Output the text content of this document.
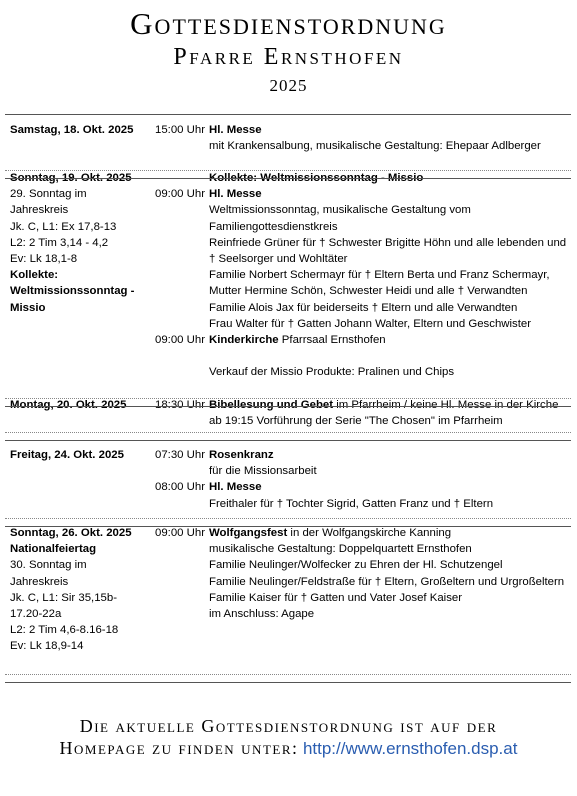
Gottesdienstordnung
Pfarre Ernsthofen
2025
Samstag, 18. Okt. 2025 15:00 Uhr Hl. Messe
mit Krankensalbung, musikalische Gestaltung: Ehepaar Adlberger
Sonntag, 19. Okt. 2025
29. Sonntag im
Jahreskreis
Jk. C, L1: Ex 17,8-13
L2: 2 Tim 3,14 - 4,2
Ev: Lk 18,1-8
Kollekte:
Weltmissionssonntag -
Missio
Kollekte: Weltmissionssonntag - Missio
09:00 Uhr Hl. Messe
Weltmissionssonntag, musikalische Gestaltung vom
Familiengottesdienstkreis
Reinfriede Grüner für † Schwester Brigitte Höhn und alle lebenden und
† Seelsorger und Wohltäter
Familie Norbert Schermayr für † Eltern Berta und Franz Schermayr,
Mutter Hermine Schön, Schwester Heidi und alle † Verwandten
Familie Alois Jax für beiderseits † Eltern und alle Verwandten
Frau Walter für † Gatten Johann Walter, Eltern und Geschwister
09:00 Uhr Kinderkirche Pfarrsaal Ernsthofen
Verkauf der Missio Produkte: Pralinen und Chips
Montag, 20. Okt. 2025	18:30 Uhr Bibellesung und Gebet im Pfarrheim / keine Hl. Messe in der Kirche
ab 19:15 Vorführung der Serie "The Chosen" im Pfarrheim
Freitag, 24. Okt. 2025	07:30 Uhr Rosenkranz
für die Missionsarbeit
08:00 Uhr Hl. Messe
Freithaler für † Tochter Sigrid, Gatten Franz und † Eltern
Sonntag, 26. Okt. 2025
Nationalfeiertag
30. Sonntag im
Jahreskreis
Jk. C, L1: Sir 35,15b-
17.20-22a
L2: 2 Tim 4,6-8.16-18
Ev: Lk 18,9-14
09:00 Uhr Wolfgangsfest in der Wolfgangskirche Kanning
musikalische Gestaltung: Doppelquartett Ernsthofen
Familie Neulinger/Wolfecker zu Ehren der Hl. Schutzengel
Familie Neulinger/Feldstraße für † Eltern, Großeltern und Urgroßeltern
Familie Kaiser für † Gatten und Vater Josef Kaiser
im Anschluss: Agape
Die aktuelle Gottesdienstordnung ist auf der
Homepage zu finden unter: http://www.ernsthofen.dsp.at
